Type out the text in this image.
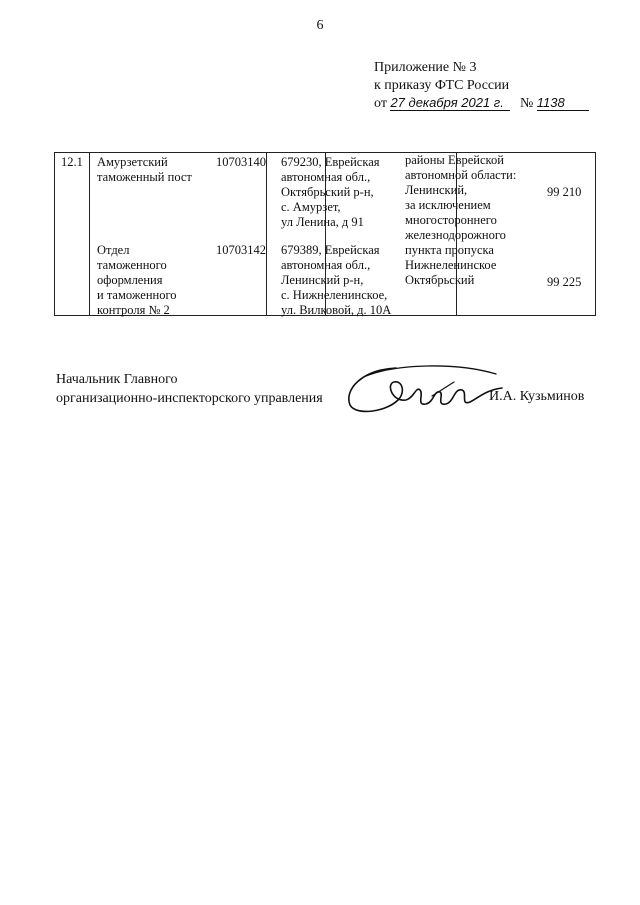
6
Приложение № 3
к приказу ФТС России
от 27 декабря 2021 г. № 1138
12.1 Амурзетский
таможенный пост
10703140 679230, Еврейская
автономная обл.,
Октябрьский р-н,
с. Амурзет,
ул Ленина, д 91
99 210
Отдел
таможенного
оформления
и таможенного
контроля № 2
10703142 679389, Еврейская
автономная обл.,
Ленинский р-н,
с. Нижнеленинское,
ул. Вилковой, д. 10А
99 225
районы Еврейской
автономной области:
Ленинский,
за исключением
многостороннего
железнодорожного
пункта пропуска
Нижнеленинское
Октябрьский
Начальник Главного
организационно-инспекторского управления	И.А. Кузьминов
